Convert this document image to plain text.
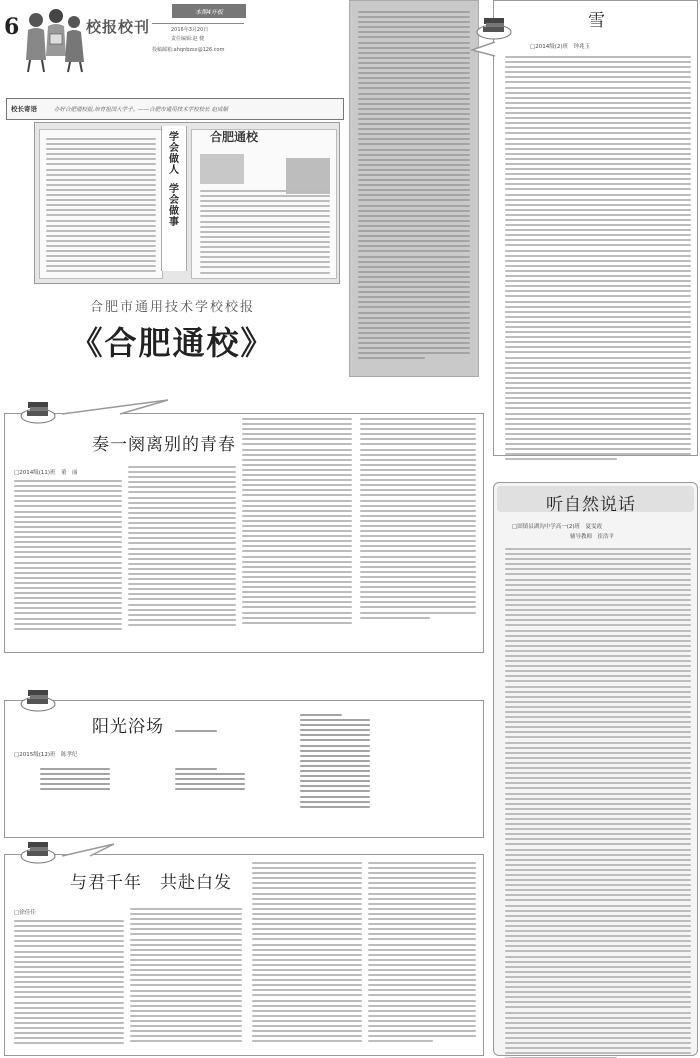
6	校报校刊
本期4开板
2016年3月20日
责任编辑:赵 健
投稿邮箱:ahqnbzsx@126.com
校长寄语	办好合肥通校报,培育祖国大学子。——合肥市通用技术学校校长 赵成顺
学
会
做
人
学
会
做
事
合肥通校
合肥市通用技术学校校报
《合肥通校》
雪
□2014级(2)班　钟兆玉
听自然说话
□固镇县湖沟中学高一(2)班　夏雯霞
辅导教师　崔浩平
奏一阕离别的青春
□2014级(11)班　董　丽
阳光浴场
□2015级(12)班　陈孝纪
与君千年　共赴白发
□徐佳佳
